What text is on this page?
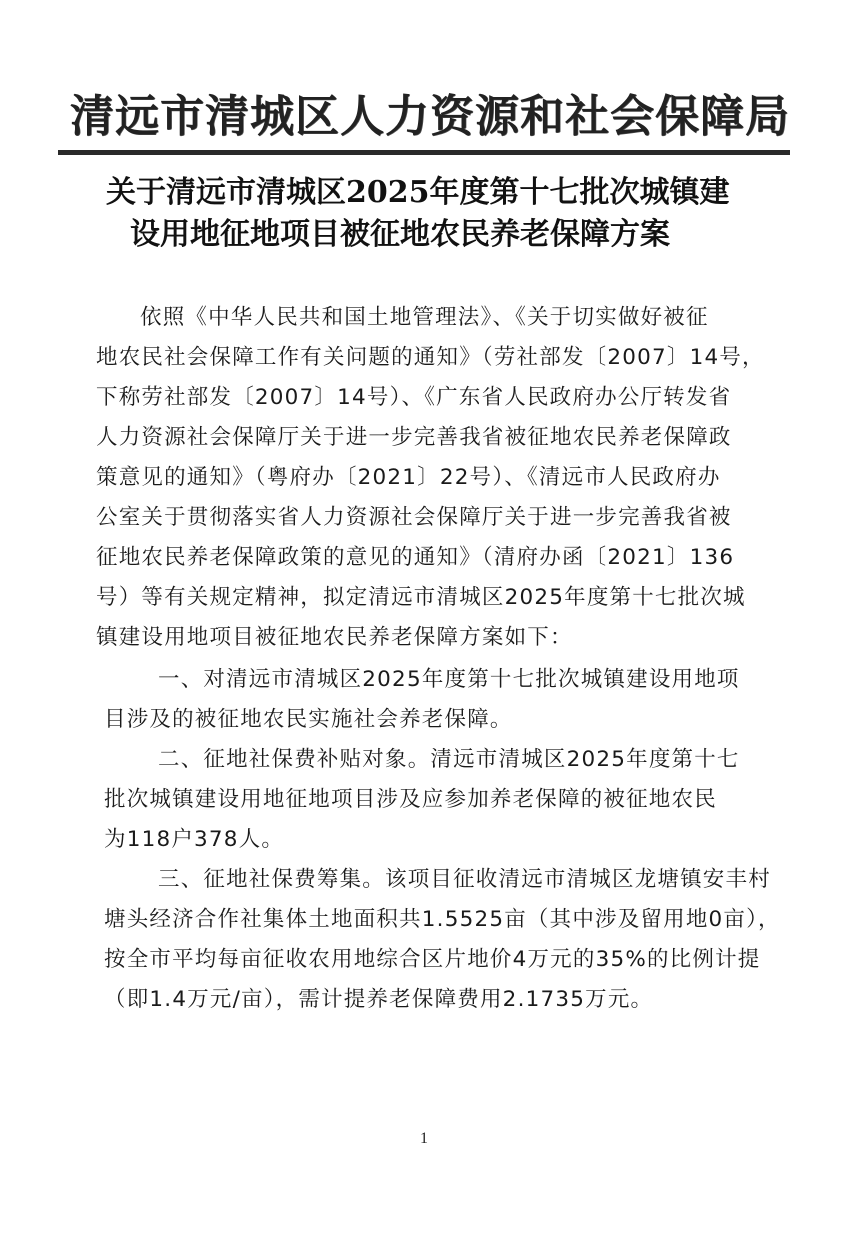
清远市清城区人力资源和社会保障局
关于清远市清城区2025年度第十七批次城镇建
设用地征地项目被征地农民养老保障方案
依照《中华人民共和国土地管理法》、《关于切实做好被征
地农民社会保障工作有关问题的通知》（劳社部发〔2007〕14号，
下称劳社部发〔2007〕14号）、《广东省人民政府办公厅转发省
人力资源社会保障厅关于进一步完善我省被征地农民养老保障政
策意见的通知》（粤府办〔2021〕22号）、《清远市人民政府办
公室关于贯彻落实省人力资源社会保障厅关于进一步完善我省被
征地农民养老保障政策的意见的通知》（清府办函〔2021〕136
号）等有关规定精神，拟定清远市清城区2025年度第十七批次城
镇建设用地项目被征地农民养老保障方案如下：
一、对清远市清城区2025年度第十七批次城镇建设用地项
目涉及的被征地农民实施社会养老保障。
二、征地社保费补贴对象。清远市清城区2025年度第十七
批次城镇建设用地征地项目涉及应参加养老保障的被征地农民
为118户378人。
三、征地社保费筹集。该项目征收清远市清城区龙塘镇安丰村
塘头经济合作社集体土地面积共1.5525亩（其中涉及留用地0亩），
按全市平均每亩征收农用地综合区片地价4万元的35%的比例计提
（即1.4万元/亩），需计提养老保障费用2.1735万元。
1
